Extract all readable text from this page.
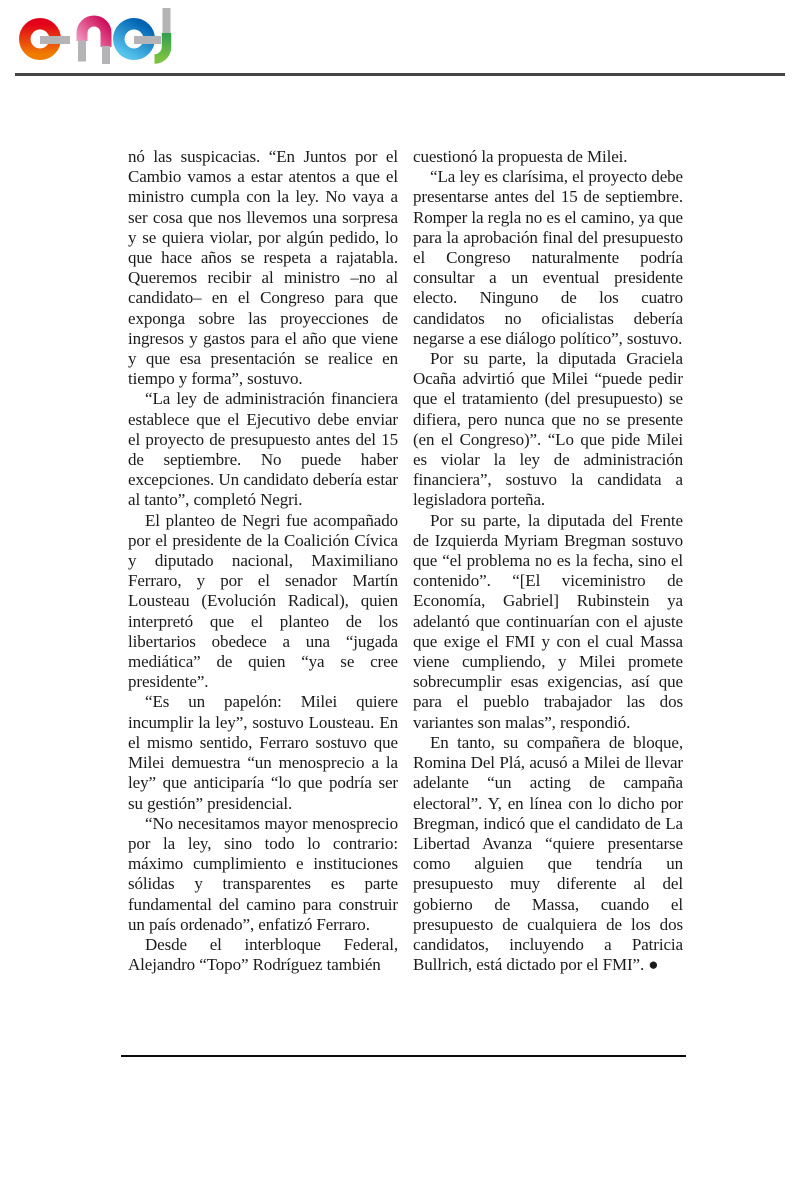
nó las suspicacias. “En Juntos por el Cambio vamos a estar atentos a que el ministro cumpla con la ley. No vaya a ser cosa que nos llevemos una sorpresa y se quiera violar, por algún pedido, lo que hace años se respeta a rajatabla. Queremos recibir al ministro –no al candidato– en el Congreso para que exponga sobre las proyecciones de ingresos y gastos para el año que viene y que esa presentación se realice en tiempo y forma”, sostuvo.

“La ley de administración financiera establece que el Ejecutivo debe enviar el proyecto de presupuesto antes del 15 de septiembre. No puede haber excepciones. Un candidato debería estar al tanto”, completó Negri.

El planteo de Negri fue acompañado por el presidente de la Coalición Cívica y diputado nacional, Maximiliano Ferraro, y por el senador Martín Lousteau (Evolución Radical), quien interpretó que el planteo de los libertarios obedece a una “jugada mediática” de quien “ya se cree presidente”.

“Es un papelón: Milei quiere incumplir la ley”, sostuvo Lousteau. En el mismo sentido, Ferraro sostuvo que Milei demuestra “un menosprecio a la ley” que anticiparía “lo que podría ser su gestión” presidencial.

“No necesitamos mayor menosprecio por la ley, sino todo lo contrario: máximo cumplimiento e instituciones sólidas y transparentes es parte fundamental del camino para construir un país ordenado”, enfatizó Ferraro.

Desde el interbloque Federal, Alejandro “Topo” Rodríguez también

cuestionó la propuesta de Milei.

“La ley es clarísima, el proyecto debe presentarse antes del 15 de septiembre. Romper la regla no es el camino, ya que para la aprobación final del presupuesto el Congreso naturalmente podría consultar a un eventual presidente electo. Ninguno de los cuatro candidatos no oficialistas debería negarse a ese diálogo político”, sostuvo.

Por su parte, la diputada Graciela Ocaña advirtió que Milei “puede pedir que el tratamiento (del presupuesto) se difiera, pero nunca que no se presente (en el Congreso)”. “Lo que pide Milei es violar la ley de administración financiera”, sostuvo la candidata a legisladora porteña.

Por su parte, la diputada del Frente de Izquierda Myriam Bregman sostuvo que “el problema no es la fecha, sino el contenido”. “[El viceministro de Economía, Gabriel] Rubinstein ya adelantó que continuarían con el ajuste que exige el FMI y con el cual Massa viene cumpliendo, y Milei promete sobrecumplir esas exigencias, así que para el pueblo trabajador las dos variantes son malas”, respondió.

En tanto, su compañera de bloque, Romina Del Plá, acusó a Milei de llevar adelante “un acting de campaña electoral”. Y, en línea con lo dicho por Bregman, indicó que el candidato de La Libertad Avanza “quiere presentarse como alguien que tendría un presupuesto muy diferente al del gobierno de Massa, cuando el presupuesto de cualquiera de los dos candidatos, incluyendo a Patricia Bullrich, está dictado por el FMI”. ●
